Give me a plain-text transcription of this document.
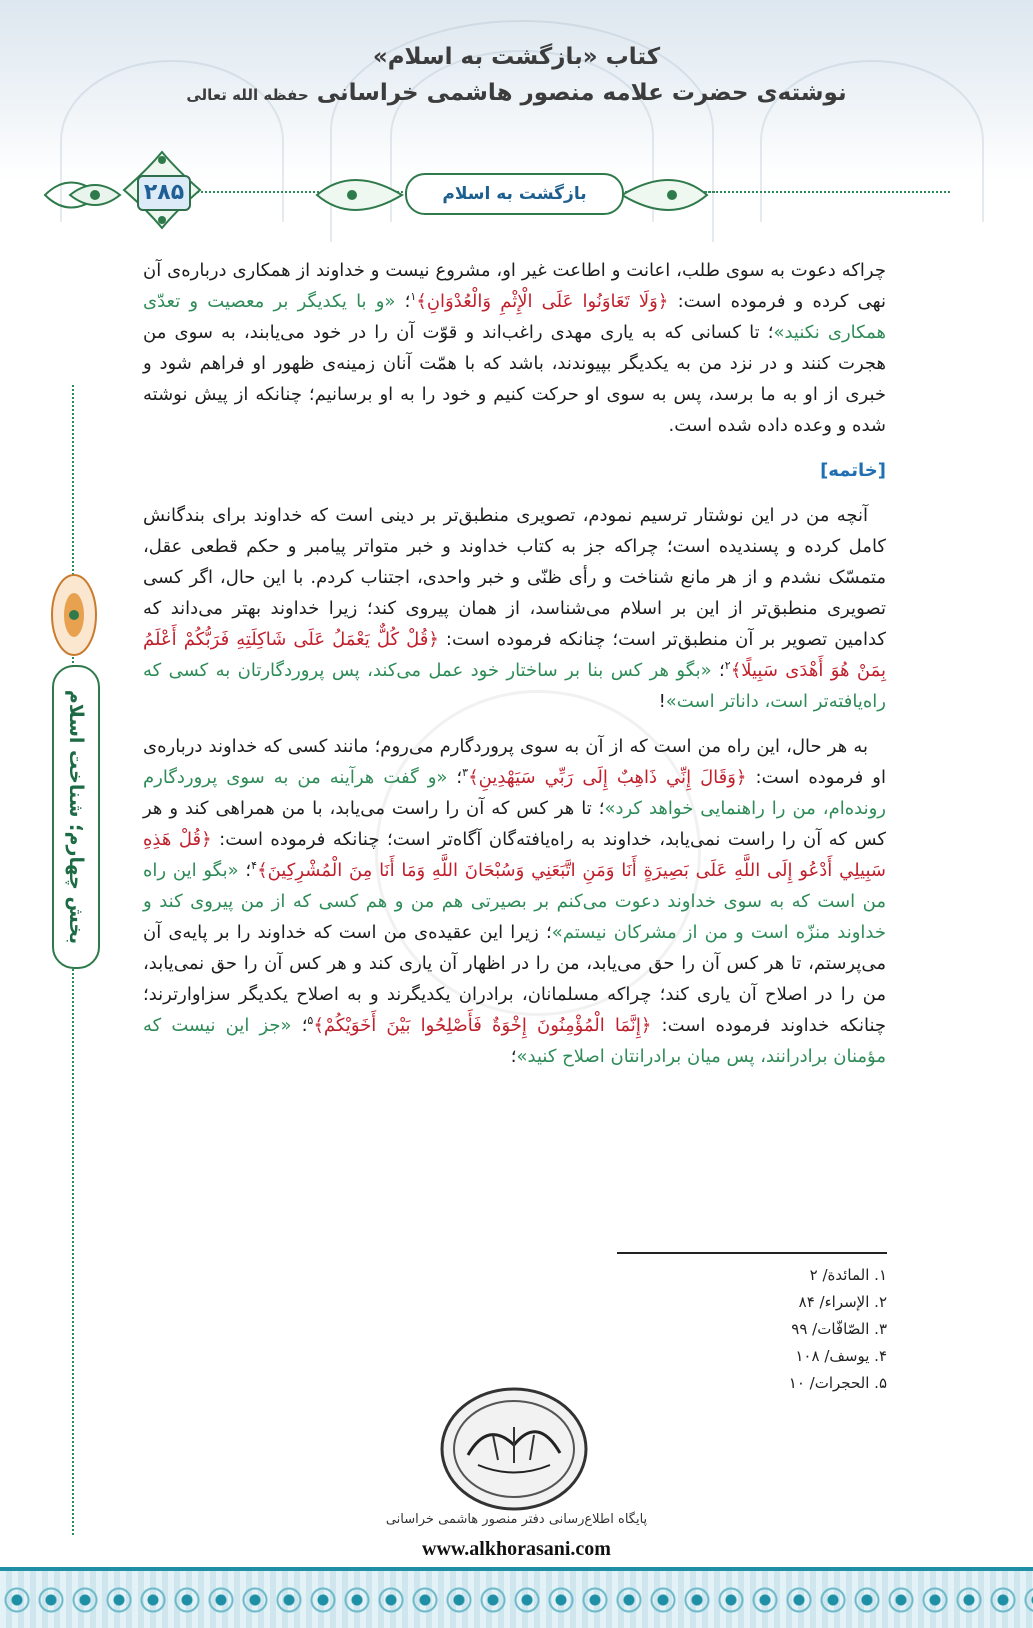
کتاب «بازگشت به اسلام»
نوشته‌ی حضرت علامه منصور هاشمی خراسانی حفظه الله تعالی
۲۸۵	بازگشت به اسلام
بخش چهارم؛ شناخت اسلام

چراکه دعوت به سوی طلب، اعانت و اطاعت غیر او، مشروع نیست و خداوند از همکاری درباره‌ی آن نهی کرده و فرموده است: ﴿وَلَا تَعَاوَنُوا عَلَى الْإِثْمِ وَالْعُدْوَانِ﴾$^۱$؛ «و با یکدیگر بر معصیت و تعدّی همکاری نکنید»؛ تا کسانی که به یاری مهدی راغب‌اند و قوّت آن را در خود می‌یابند، به سوی من هجرت کنند و در نزد من به یکدیگر بپیوندند، باشد که با همّت آنان زمینه‌ی ظهور او فراهم شود و خبری از او به ما برسد، پس به سوی او حرکت کنیم و خود را به او برسانیم؛ چنانکه از پیش نوشته شده و وعده داده شده است.

[خاتمه]

آنچه من در این نوشتار ترسیم نمودم، تصویری منطبق‌تر بر دینی است که خداوند برای بندگانش کامل کرده و پسندیده است؛ چراکه جز به کتاب خداوند و خبر متواتر پیامبر و حکم قطعی عقل، متمسّک نشدم و از هر مانع شناخت و رأی ظنّی و خبر واحدی، اجتناب کردم. با این حال، اگر کسی تصویری منطبق‌تر از این بر اسلام می‌شناسد، از همان پیروی کند؛ زیرا خداوند بهتر می‌داند که کدامین تصویر بر آن منطبق‌تر است؛ چنانکه فرموده است: ﴿قُلْ كُلٌّ يَعْمَلُ عَلَى شَاكِلَتِهِ فَرَبُّكُمْ أَعْلَمُ بِمَنْ هُوَ أَهْدَى سَبِيلًا﴾$^۲$؛ «بگو هر کس بنا بر ساختار خود عمل می‌کند، پس پروردگارتان به کسی که راه‌یافته‌تر است، داناتر است»!

به هر حال، این راه من است که از آن به سوی پروردگارم می‌روم؛ مانند کسی که خداوند درباره‌ی او فرموده است: ﴿وَقَالَ إِنِّي ذَاهِبٌ إِلَى رَبِّي سَيَهْدِينِ﴾$^۳$؛ «و گفت هرآینه من به سوی پروردگارم رونده‌ام، من را راهنمایی خواهد کرد»؛ تا هر کس که آن را راست می‌یابد، با من همراهی کند و هر کس که آن را راست نمی‌یابد، خداوند به راه‌یافته‌گان آگاه‌تر است؛ چنانکه فرموده است: ﴿قُلْ هَذِهِ سَبِيلِي أَدْعُو إِلَى اللَّهِ عَلَى بَصِيرَةٍ أَنَا وَمَنِ اتَّبَعَنِي وَسُبْحَانَ اللَّهِ وَمَا أَنَا مِنَ الْمُشْرِكِينَ﴾$^۴$؛ «بگو این راه من است که به سوی خداوند دعوت می‌کنم بر بصیرتی هم من و هم کسی که از من پیروی کند و خداوند منزّه است و من از مشرکان نیستم»؛ زیرا این عقیده‌ی من است که خداوند را بر پایه‌ی آن می‌پرستم، تا هر کس آن را حق می‌یابد، من را در اظهار آن یاری کند و هر کس آن را حق نمی‌یابد، من را در اصلاح آن یاری کند؛ چراکه مسلمانان، برادران یکدیگرند و به اصلاح یکدیگر سزاوارترند؛ چنانکه خداوند فرموده است: ﴿إِنَّمَا الْمُؤْمِنُونَ إِخْوَةٌ فَأَصْلِحُوا بَيْنَ أَخَوَيْكُمْ﴾$^۵$؛ «جز این نیست که مؤمنان برادرانند، پس میان برادرانتان اصلاح کنید»؛

۱. المائدة/ ۲
۲. الإسراء/ ۸۴
۳. الصّافّات/ ۹۹
۴. یوسف/ ۱۰۸
۵. الحجرات/ ۱۰
پایگاه اطلاع‌رسانی دفتر منصور هاشمی خراسانی
www.alkhorasani.com
